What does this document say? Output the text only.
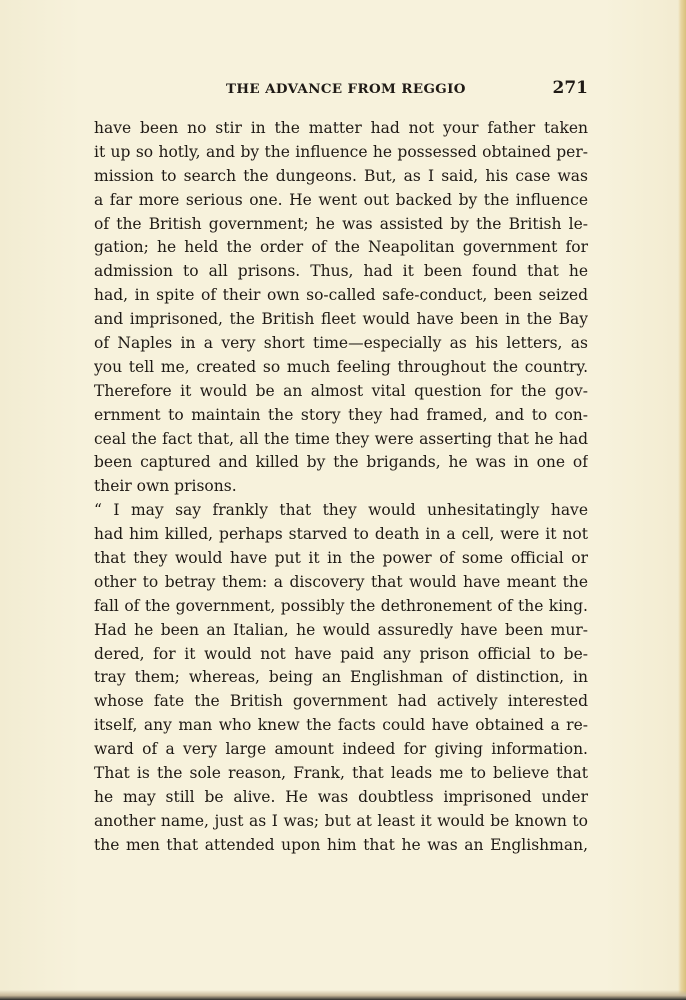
THE ADVANCE FROM REGGIO	271
have been no stir in the matter had not your father taken
it up so hotly, and by the influence he possessed obtained per-
mission to search the dungeons. But, as I said, his case was
a far more serious one. He went out backed by the influence
of the British government; he was assisted by the British le-
gation; he held the order of the Neapolitan government for
admission to all prisons. Thus, had it been found that he
had, in spite of their own so-called safe-conduct, been seized
and imprisoned, the British fleet would have been in the Bay
of Naples in a very short time—especially as his letters, as
you tell me, created so much feeling throughout the country.
Therefore it would be an almost vital question for the gov-
ernment to maintain the story they had framed, and to con-
ceal the fact that, all the time they were asserting that he had
been captured and killed by the brigands, he was in one of
their own prisons.
“ I may say frankly that they would unhesitatingly have
had him killed, perhaps starved to death in a cell, were it not
that they would have put it in the power of some official or
other to betray them: a discovery that would have meant the
fall of the government, possibly the dethronement of the king.
Had he been an Italian, he would assuredly have been mur-
dered, for it would not have paid any prison official to be-
tray them; whereas, being an Englishman of distinction, in
whose fate the British government had actively interested
itself, any man who knew the facts could have obtained a re-
ward of a very large amount indeed for giving information.
That is the sole reason, Frank, that leads me to believe that
he may still be alive. He was doubtless imprisoned under
another name, just as I was; but at least it would be known to
the men that attended upon him that he was an Englishman,
